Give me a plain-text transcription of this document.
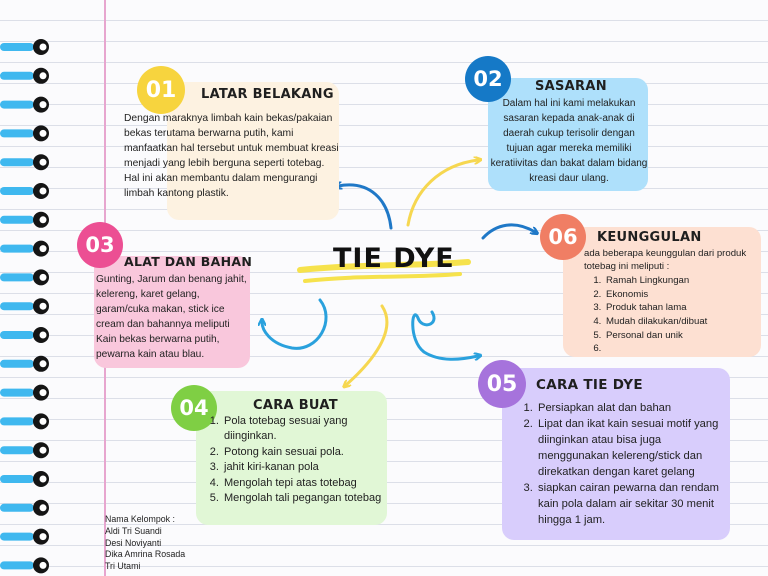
01	LATAR BELAKANG
Dengan maraknya limbah kain bekas/pakaian bekas terutama berwarna putih, kami manfaatkan hal tersebut untuk membuat kreasi menjadi yang lebih berguna seperti totebag. Hal ini akan membantu dalam mengurangi limbah kantong plastik.
02	SASARAN
Dalam hal ini kami melakukan sasaran kepada anak-anak di daerah cukup terisolir dengan tujuan agar mereka memiliki keratiivitas dan bakat dalam bidang kreasi daur ulang.
03
ALAT DAN BAHAN
Gunting, Jarum dan benang jahit, kelereng, karet gelang, garam/cuka makan, stick ice cream dan bahannya meliputi Kain bekas berwarna putih, pewarna kain atau blau.
04	CARA BUAT
1. Pola totebag sesuai yang diinginkan.
2. Potong kain sesuai pola.
3. jahit kiri-kanan pola
4. Mengolah tepi atas totebag
5. Mengolah tali pegangan totebag
05	CARA TIE DYE
1. Persiapkan alat dan bahan
2. Lipat dan ikat kain sesuai motif yang diinginkan atau bisa juga menggunakan kelereng/stick dan direkatkan dengan karet gelang
3. siapkan cairan pewarna dan rendam kain pola dalam air sekitar 30 menit hingga 1 jam.
06	KEUNGGULAN
ada beberapa keunggulan dari produk totebag ini meliputi :
1. Ramah Lingkungan
2. Ekonomis
3. Produk tahan lama
4. Mudah dilakukan/dibuat
5. Personal dan unik
6.
TIE DYE
Nama Kelompok :
Aldi Tri Suandi
Desi Noviyanti
Dika Amrina Rosada
Tri Utami
